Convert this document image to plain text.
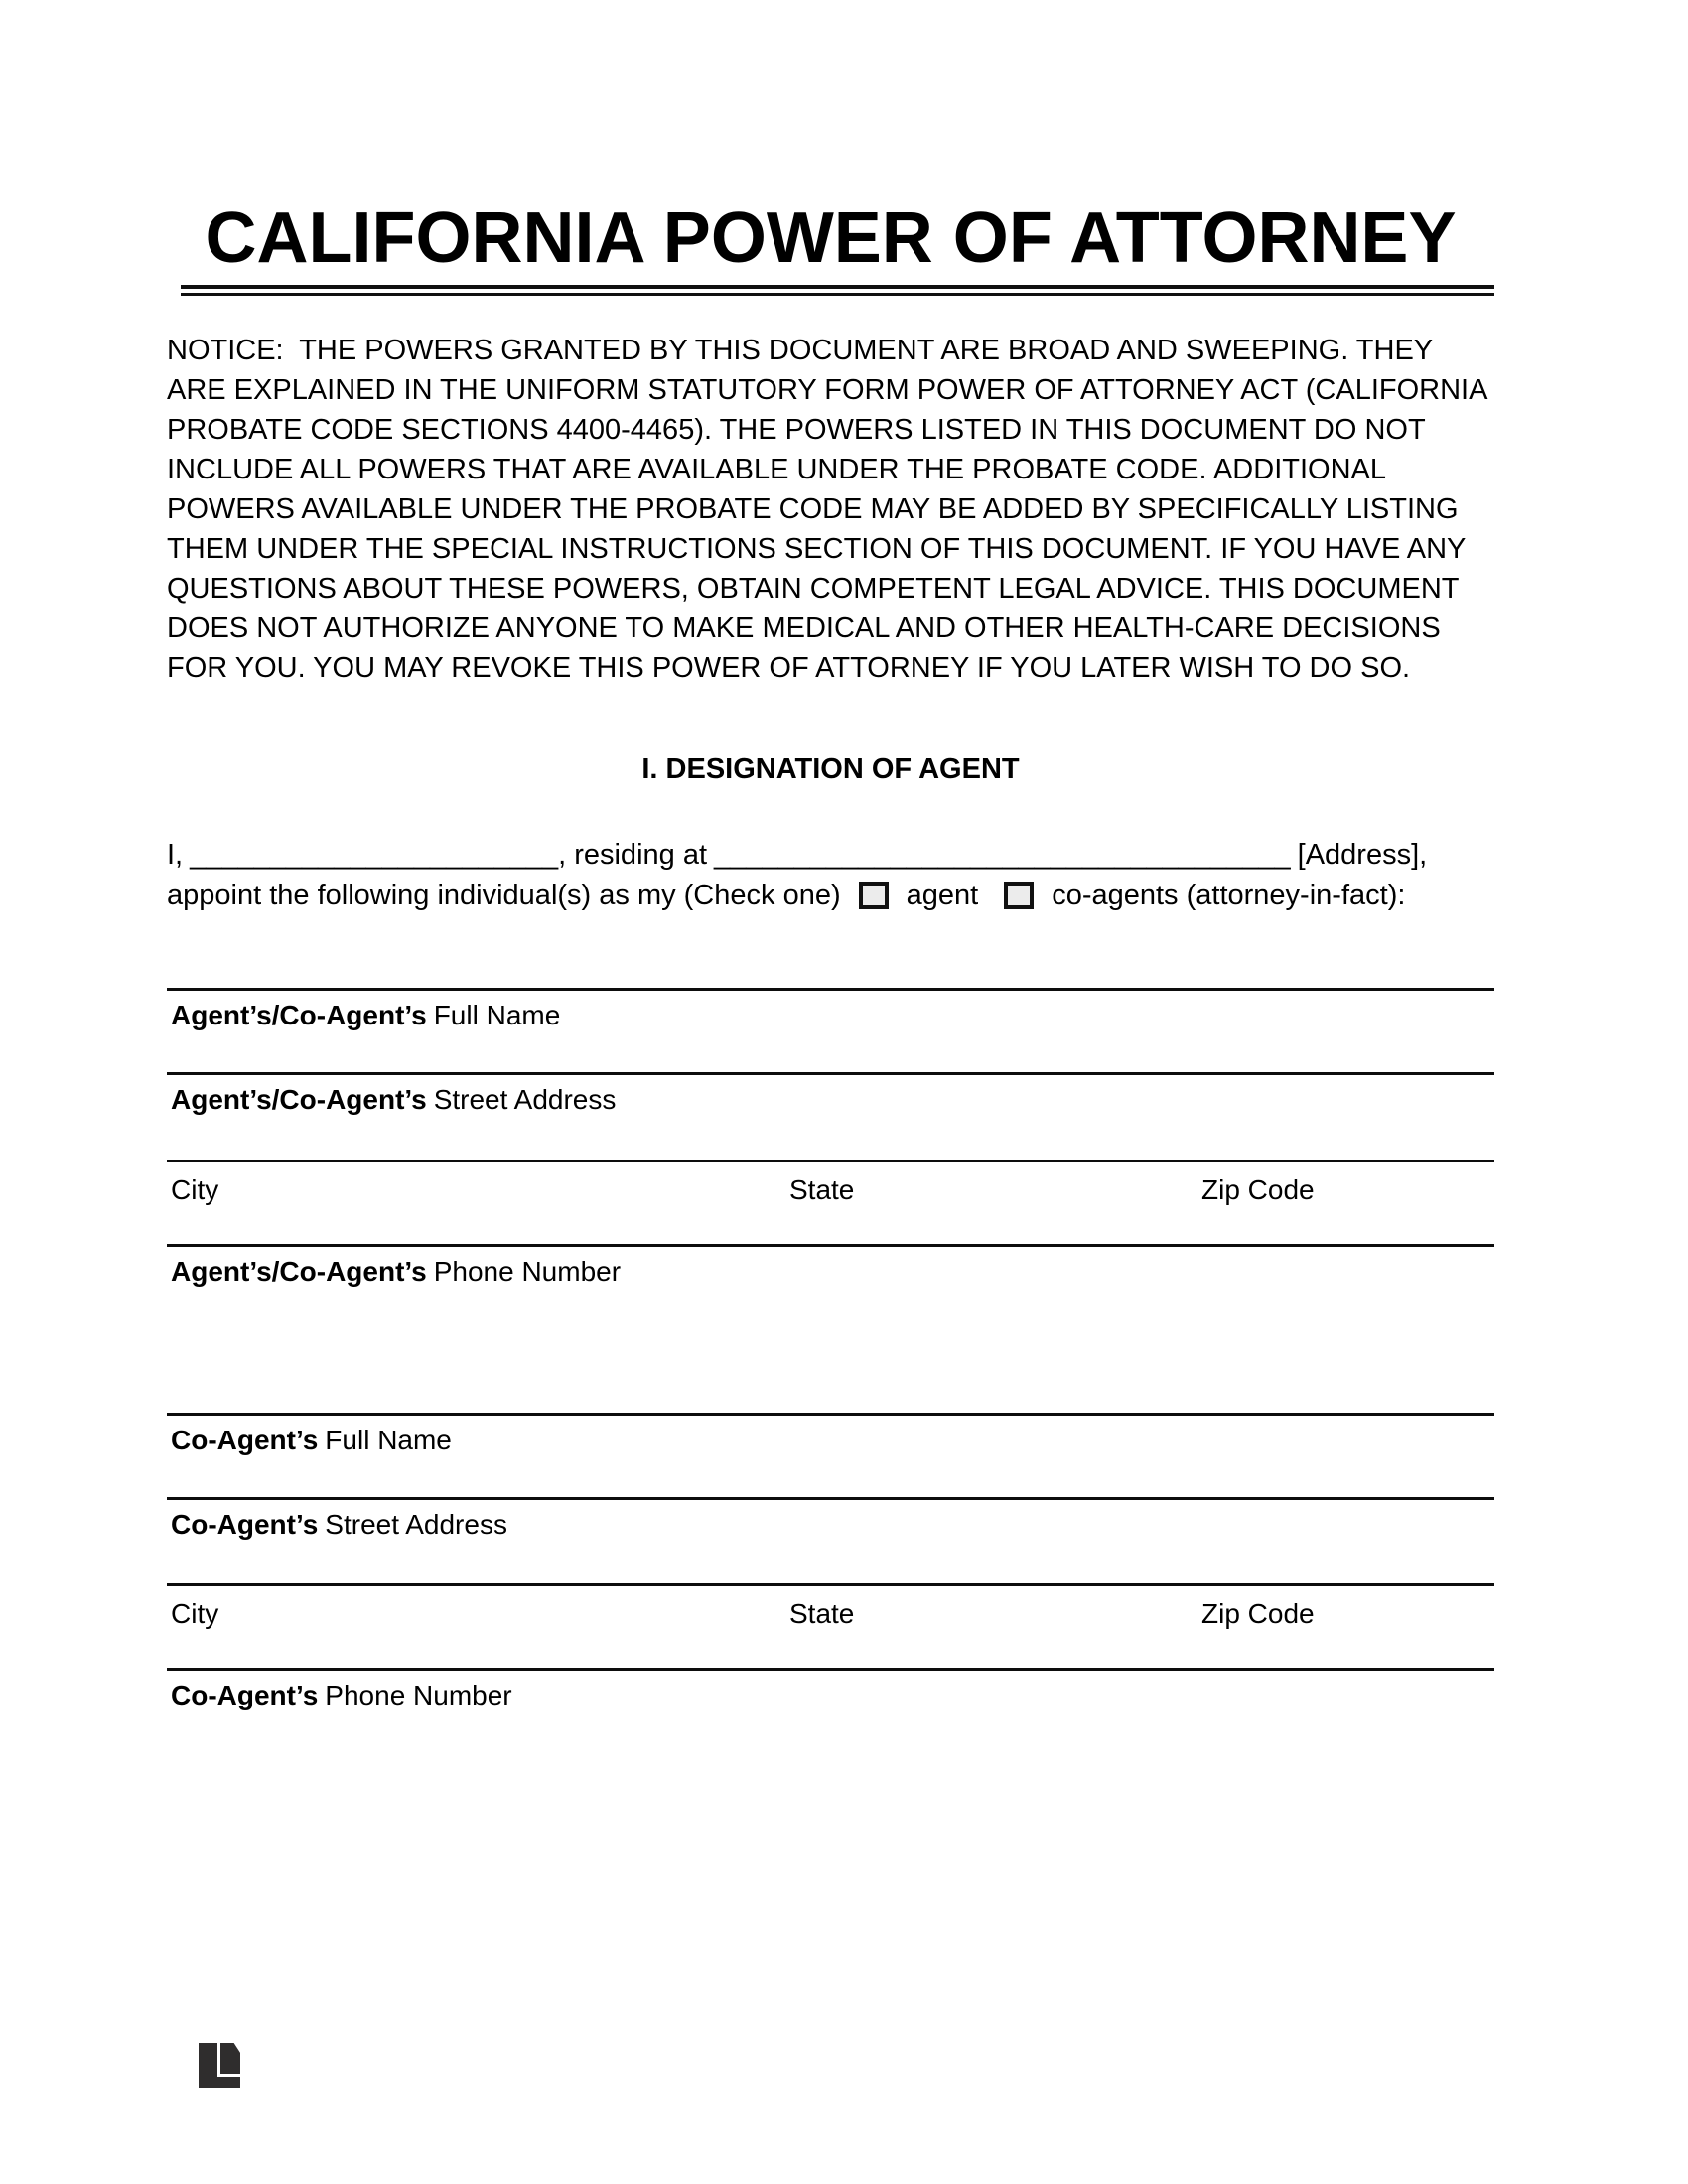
CALIFORNIA POWER OF ATTORNEY

NOTICE:  THE POWERS GRANTED BY THIS DOCUMENT ARE BROAD AND SWEEPING. THEY ARE EXPLAINED IN THE UNIFORM STATUTORY FORM POWER OF ATTORNEY ACT (CALIFORNIA PROBATE CODE SECTIONS 4400-4465). THE POWERS LISTED IN THIS DOCUMENT DO NOT INCLUDE ALL POWERS THAT ARE AVAILABLE UNDER THE PROBATE CODE. ADDITIONAL POWERS AVAILABLE UNDER THE PROBATE CODE MAY BE ADDED BY SPECIFICALLY LISTING THEM UNDER THE SPECIAL INSTRUCTIONS SECTION OF THIS DOCUMENT. IF YOU HAVE ANY QUESTIONS ABOUT THESE POWERS, OBTAIN COMPETENT LEGAL ADVICE. THIS DOCUMENT DOES NOT AUTHORIZE ANYONE TO MAKE MEDICAL AND OTHER HEALTH-CARE DECISIONS FOR YOU. YOU MAY REVOKE THIS POWER OF ATTORNEY IF YOU LATER WISH TO DO SO.

I. DESIGNATION OF AGENT
I, _______________________, residing at ____________________________________ [Address],
appoint the following individual(s) as my (Check one) agent	co-agents (attorney-in-fact):
Agent’s/Co-Agent’s Full Name
Agent’s/Co-Agent’s Street Address
City	State	Zip Code
Agent’s/Co-Agent’s Phone Number
Co-Agent’s Full Name
Co-Agent’s Street Address
City	State	Zip Code
Co-Agent’s Phone Number
